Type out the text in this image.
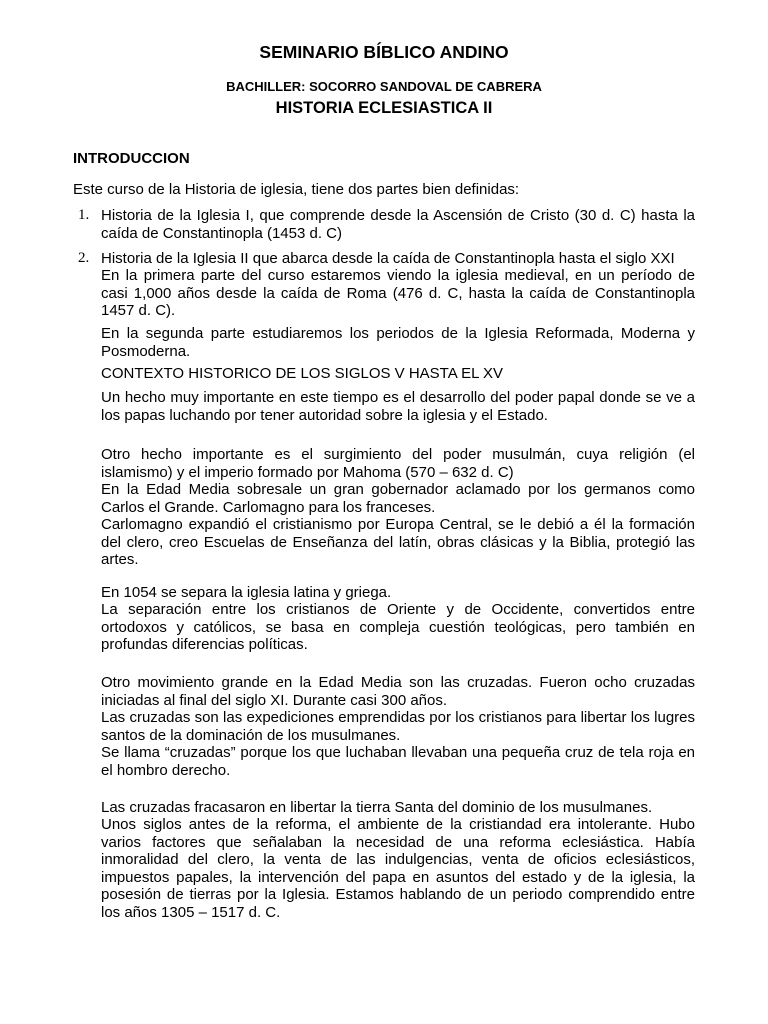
SEMINARIO BÍBLICO ANDINO
BACHILLER: SOCORRO SANDOVAL DE CABRERA
HISTORIA ECLESIASTICA II
INTRODUCCION
Este curso de la Historia de iglesia, tiene dos partes bien definidas:
1. Historia de la Iglesia I, que comprende desde la Ascensión de Cristo (30 d. C) hasta la caída de Constantinopla (1453 d. C)
2. Historia de la Iglesia II que abarca desde la caída de Constantinopla hasta el siglo XXI
En la primera parte del curso estaremos viendo la iglesia medieval, en un período de casi 1,000 años desde la caída de Roma (476 d. C, hasta la caída de Constantinopla 1457 d. C).
En la segunda parte estudiaremos los periodos de la Iglesia Reformada, Moderna y Posmoderna.
CONTEXTO HISTORICO DE LOS SIGLOS V HASTA EL XV
Un hecho muy importante en este tiempo es el desarrollo del poder papal donde se ve a los papas luchando por tener autoridad sobre la iglesia y el Estado.
Otro hecho importante es el surgimiento del poder musulmán, cuya religión (el islamismo) y el imperio formado por Mahoma (570 – 632 d. C)
En la Edad Media sobresale un gran gobernador aclamado por los germanos como Carlos el Grande. Carlomagno para los franceses.
Carlomagno expandió el cristianismo por Europa Central, se le debió a él la formación del clero, creo Escuelas de Enseñanza del latín, obras clásicas y la Biblia, protegió las artes.
En 1054 se separa la iglesia latina y griega.
La separación entre los cristianos de Oriente y de Occidente, convertidos entre ortodoxos y católicos, se basa en compleja cuestión teológicas, pero también en profundas diferencias políticas.
Otro movimiento grande en la Edad Media son las cruzadas. Fueron ocho cruzadas iniciadas al final del siglo XI. Durante casi 300 años.
Las cruzadas son las expediciones emprendidas por los cristianos para libertar los lugres santos de la dominación de los musulmanes.
Se llama “cruzadas” porque los que luchaban llevaban una pequeña cruz de tela roja en el hombro derecho.
Las cruzadas fracasaron en libertar la tierra Santa del dominio de los musulmanes.
Unos siglos antes de la reforma, el ambiente de la cristiandad era intolerante. Hubo varios factores que señalaban la necesidad de una reforma eclesiástica. Había inmoralidad del clero, la venta de las indulgencias, venta de oficios eclesiásticos, impuestos papales, la intervención del papa en asuntos del estado y de la iglesia, la posesión de tierras por la Iglesia. Estamos hablando de un periodo comprendido entre los años 1305 – 1517 d. C.
